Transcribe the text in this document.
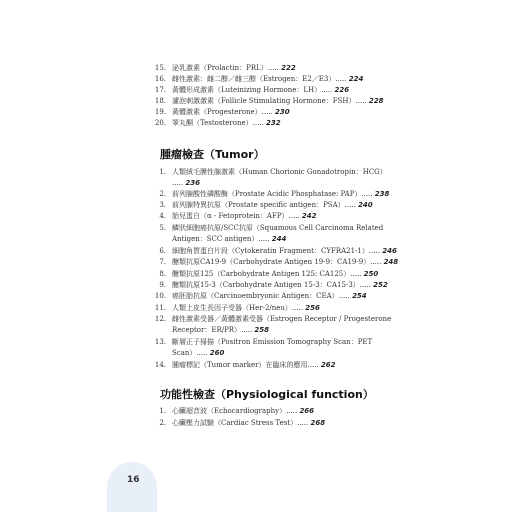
15. 泌乳激素（Prolactin：PRL）..... 222
16. 雌性激素：雌二醇／雌三醇（Estrogen：E2／E3）..... 224
17. 黃體形成激素（Luteinizing Hormone：LH）..... 226
18. 濾泡刺激激素（Follicle Stimulating Hormone：FSH）..... 228
19. 黃體激素（Progesterone）..... 230
20. 睪丸酮（Testosterone）..... 232
腫瘤檢查（Tumor）
1. 人類絨毛膜性腺激素（Human Chorionic Gonadotropin：HCG）
..... 236
2. 前列腺酸性磷酸酶（Prostate Acidic Phosphatase: PAP）..... 238
3. 前列腺特異抗原（Prostate specific antigen：PSA）..... 240
4. 胎兒蛋白（α - Fetoprotein：AFP）..... 242
5. 鱗狀細胞癌抗原/SCC抗原（Squamous Cell Carcinoma Related
Antigen：SCC antigen）..... 244
6. 細胞角質蛋白片段（Cytokeratin Fragment：CYFRA21-1）..... 246
7. 醣類抗原CA19-9（Carbohydrate Antigen 19-9：CA19-9）..... 248
8. 醣類抗原125（Carbohydrate Antigen 125: CA125）..... 250
9. 醣類抗原15-3（Carbohydrate Antigen 15-3：CA15-3）..... 252
10. 癌胚胎抗原（Carcinoembryonic Antigen：CEA）..... 254
11. 人類上皮生長因子受器（Her-2/neu）..... 256
12. 雌性激素受器／黃體激素受器（Estrogen Receptor / Progesterone
Receptor：ER/PR）..... 258
13. 斷層正子掃描（Positron Emission Tomography Scan：PET
Scan）..... 260
14. 腫瘤標記（Tumor marker）在臨床的應用..... 262
功能性檢查（Physiological function）
1. 心臟超音波（Echocardiography）..... 266
2. 心臟壓力試驗（Cardiac Stress Test）..... 268
16
